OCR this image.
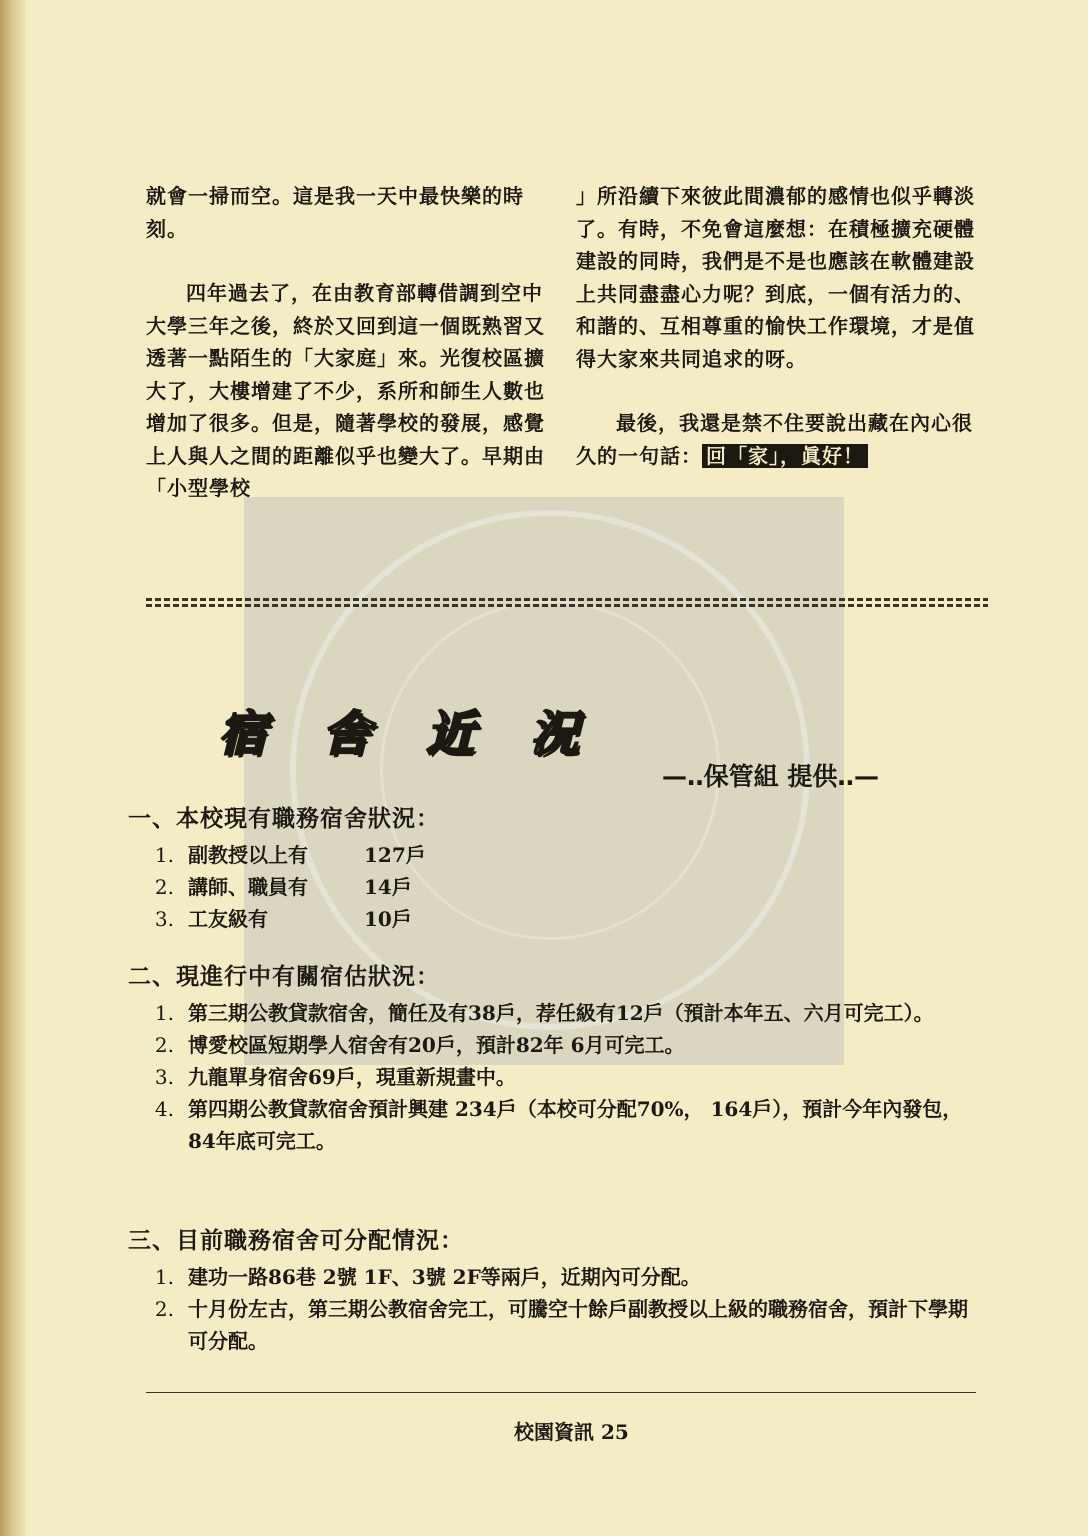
就會一掃而空。這是我一天中最快樂的時刻。

四年過去了，在由教育部轉借調到空中大學三年之後，終於又回到這一個既熟習又透著一點陌生的「大家庭」來。光復校區擴大了，大樓增建了不少，系所和師生人數也增加了很多。但是，隨著學校的發展，感覺上人與人之間的距離似乎也變大了。早期由「小型學校

」所沿續下來彼此間濃郁的感情也似乎轉淡了。有時，不免會這麼想：在積極擴充硬體建設的同時，我們是不是也應該在軟體建設上共同盡盡心力呢？到底，一個有活力的、和諧的、互相尊重的愉快工作環境，才是值得大家來共同追求的呀。

最後，我還是禁不住要說出藏在內心很久的一句話： 回「家」，眞好！

宿舍近況
—‥保管組 提供‥—
一、本校現有職務宿舍狀況：
1. 副教授以上有	127戶
2. 講師、職員有	14戶
3. 工友級有	10戶
二、現進行中有關宿估狀況：
1. 第三期公教貸款宿舍，簡任及有38戶，荐任級有12戶（預計本年五、六月可完工）。
2. 博愛校區短期學人宿舍有20戶，預計82年 6月可完工。
3. 九龍單身宿舍69戶，現重新規畫中。
4. 第四期公教貸款宿舍預計興建 234戶（本校可分配70%， 164戶），預計今年內發包，84年底可完工。
三、目前職務宿舍可分配情況：
1. 建功一路86巷 2號 1F、3號 2F等兩戶，近期內可分配。
2. 十月份左古，第三期公教宿舍完工，可騰空十餘戶副教授以上級的職務宿舍，預計下學期可分配。
校園資訊 25
